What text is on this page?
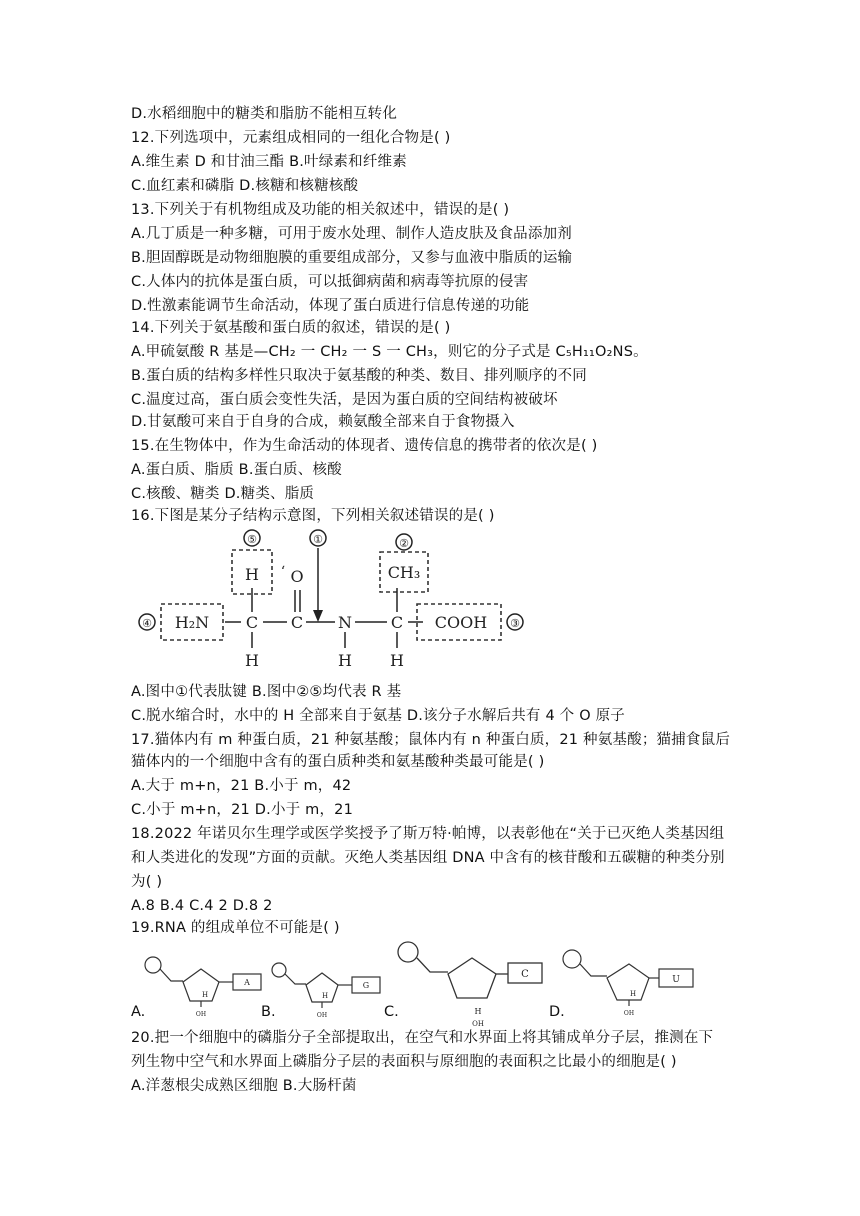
D.水稻细胞中的糖类和脂肪不能相互转化
12.下列选项中，元素组成相同的一组化合物是( )
A.维生素 D 和甘油三酯 B.叶绿素和纤维素
C.血红素和磷脂 D.核糖和核糖核酸
13.下列关于有机物组成及功能的相关叙述中，错误的是( )
A.几丁质是一种多糖，可用于废水处理、制作人造皮肤及食品添加剂
B.胆固醇既是动物细胞膜的重要组成部分，又参与血液中脂质的运输
C.人体内的抗体是蛋白质，可以抵御病菌和病毒等抗原的侵害
D.性激素能调节生命活动，体现了蛋白质进行信息传递的功能
14.下列关于氨基酸和蛋白质的叙述，错误的是( )
A.甲硫氨酸 R 基是—CH₂ 一 CH₂ 一 S 一 CH₃，则它的分子式是 C₅H₁₁O₂NS。
B.蛋白质的结构多样性只取决于氨基酸的种类、数目、排列顺序的不同
C.温度过高，蛋白质会变性失活，是因为蛋白质的空间结构被破坏
D.甘氨酸可来自于自身的合成，赖氨酸全部来自于食物摄入
15.在生物体中，作为生命活动的体现者、遗传信息的携带者的依次是( )
A.蛋白质、脂质 B.蛋白质、核酸
C.核酸、糖类 D.糖类、脂质
16.下图是某分子结构示意图，下列相关叙述错误的是( )
⑤	①	②
④	③
H ‘ O	CH₃
H₂N C C N C COOH
H	H H
A.图中①代表肽键 B.图中②⑤均代表 R 基
C.脱水缩合时，水中的 H 全部来自于氨基 D.该分子水解后共有 4 个 O 原子
17.猫体内有 m 种蛋白质，21 种氨基酸；鼠体内有 n 种蛋白质，21 种氨基酸；猫捕食鼠后
猫体内的一个细胞中含有的蛋白质种类和氨基酸种类最可能是( )
A.大于 m+n，21 B.小于 m，42
C.小于 m+n，21 D.小于 m，21
18.2022 年诺贝尔生理学或医学奖授予了斯万特·帕博，以表彰他在“关于已灭绝人类基因组
和人类进化的发现”方面的贡献。灭绝人类基因组 DNA 中含有的核苷酸和五碳糖的种类分别
为( )
A.8 B.4 C.4 2 D.8 2
19.RNA 的组成单位不可能是( )
A.	B.	C.	D.
A
H
OH
G
H
OH
C
H
OH
U
H
OH
20.把一个细胞中的磷脂分子全部提取出，在空气和水界面上将其铺成单分子层，推测在下
列生物中空气和水界面上磷脂分子层的表面积与原细胞的表面积之比最小的细胞是( )
A.洋葱根尖成熟区细胞 B.大肠杆菌
